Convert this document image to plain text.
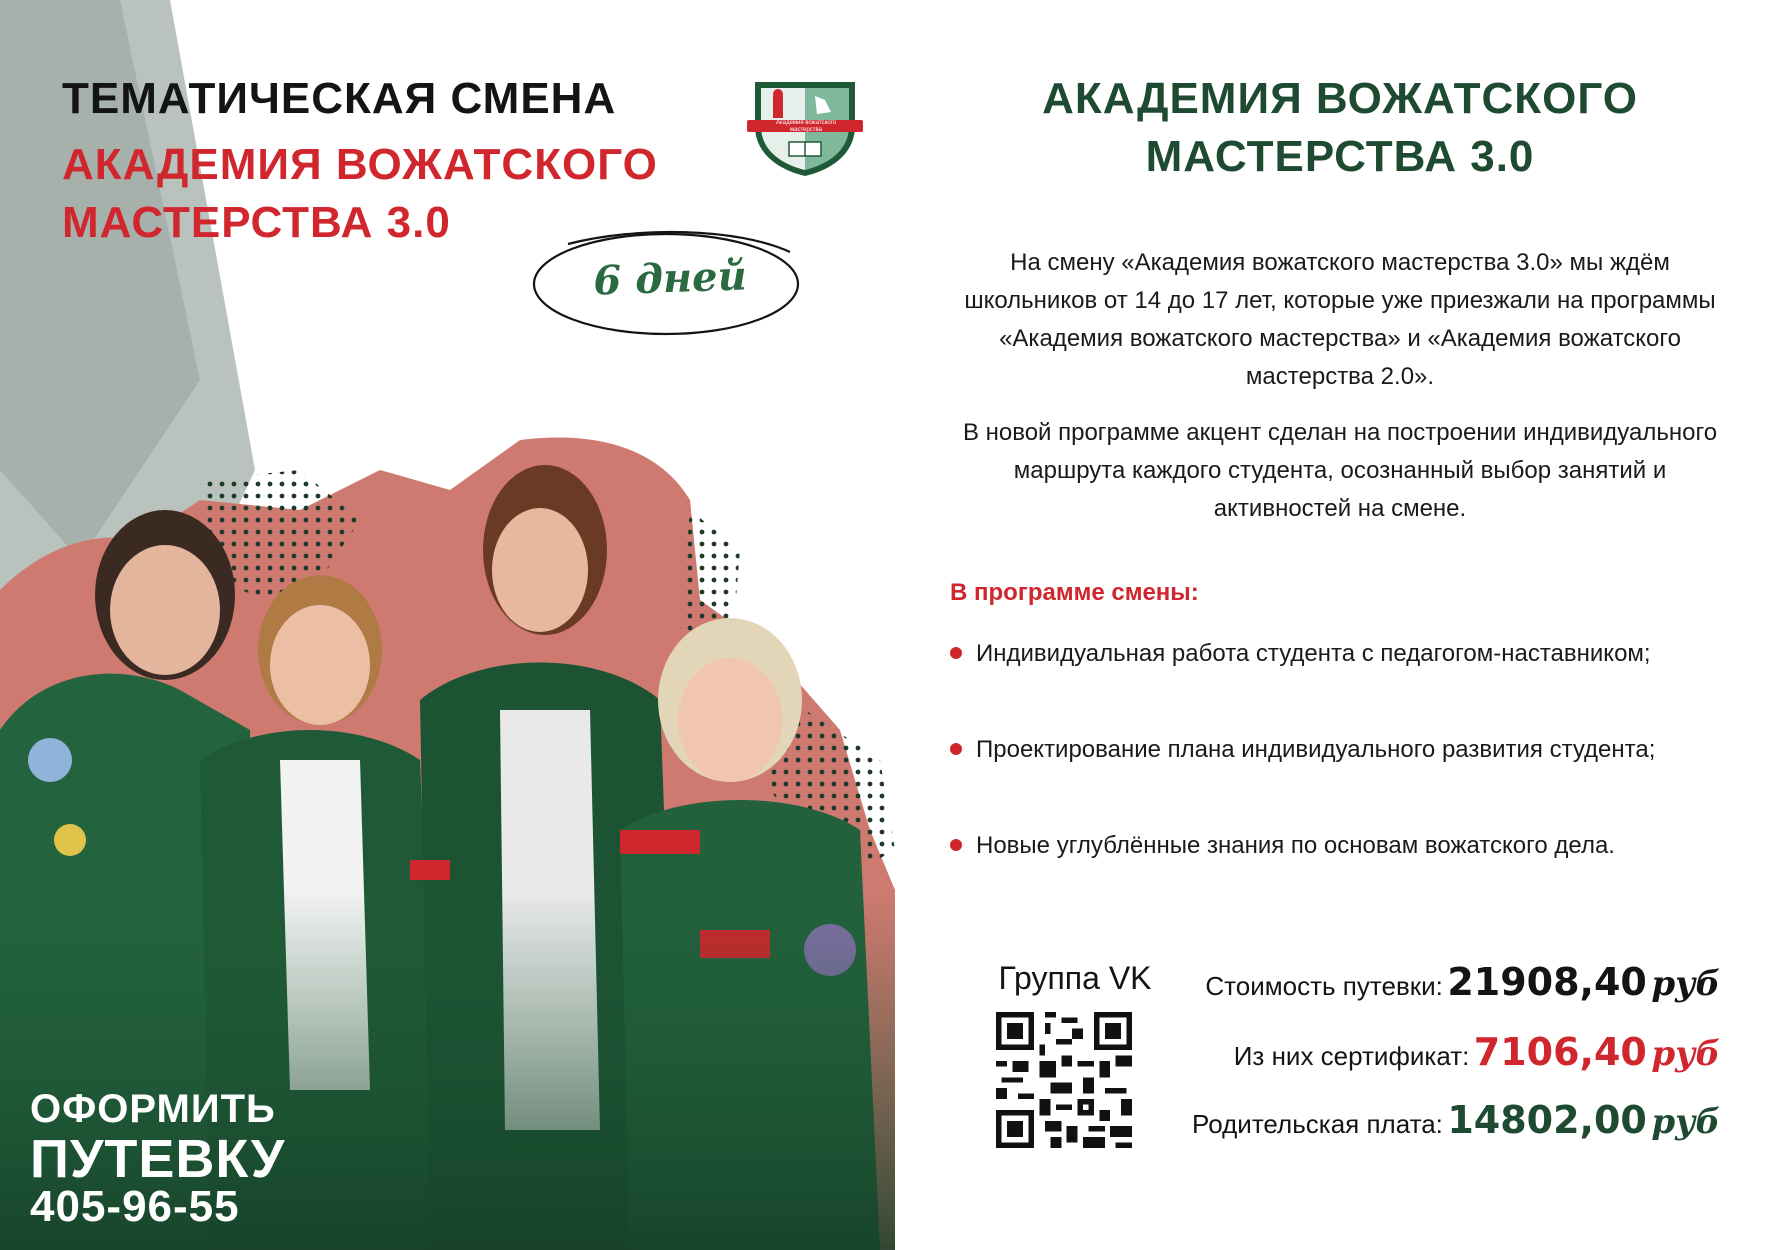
ТЕМАТИЧЕСКАЯ СМЕНА
АКАДЕМИЯ ВОЖАТСКОГО МАСТЕРСТВА 3.0
Академия вожатского мастерства
6 дней
ОФОРМИТЬ
ПУТЕВКУ
405-96-55
АКАДЕМИЯ ВОЖАТСКОГО МАСТЕРСТВА 3.0

На смену «Академия вожатского мастерства 3.0» мы ждём школьников от 14 до 17 лет, которые уже приезжали на программы «Академия вожатского мастерства» и «Академия вожатского мастерства 2.0».

В новой программе акцент сделан на построении индивидуального маршрута каждого студента, осознанный выбор занятий и активностей на смене.

В программе смены:
Индивидуальная работа студента с педагогом-наставником;
Проектирование плана индивидуального развития студента;
Новые углублённые знания по основам вожатского дела.
Группа VK	Стоимость путевки: 21908,40 руб
Из них сертификат: 7106,40 руб
Родительская плата: 14802,00 руб
